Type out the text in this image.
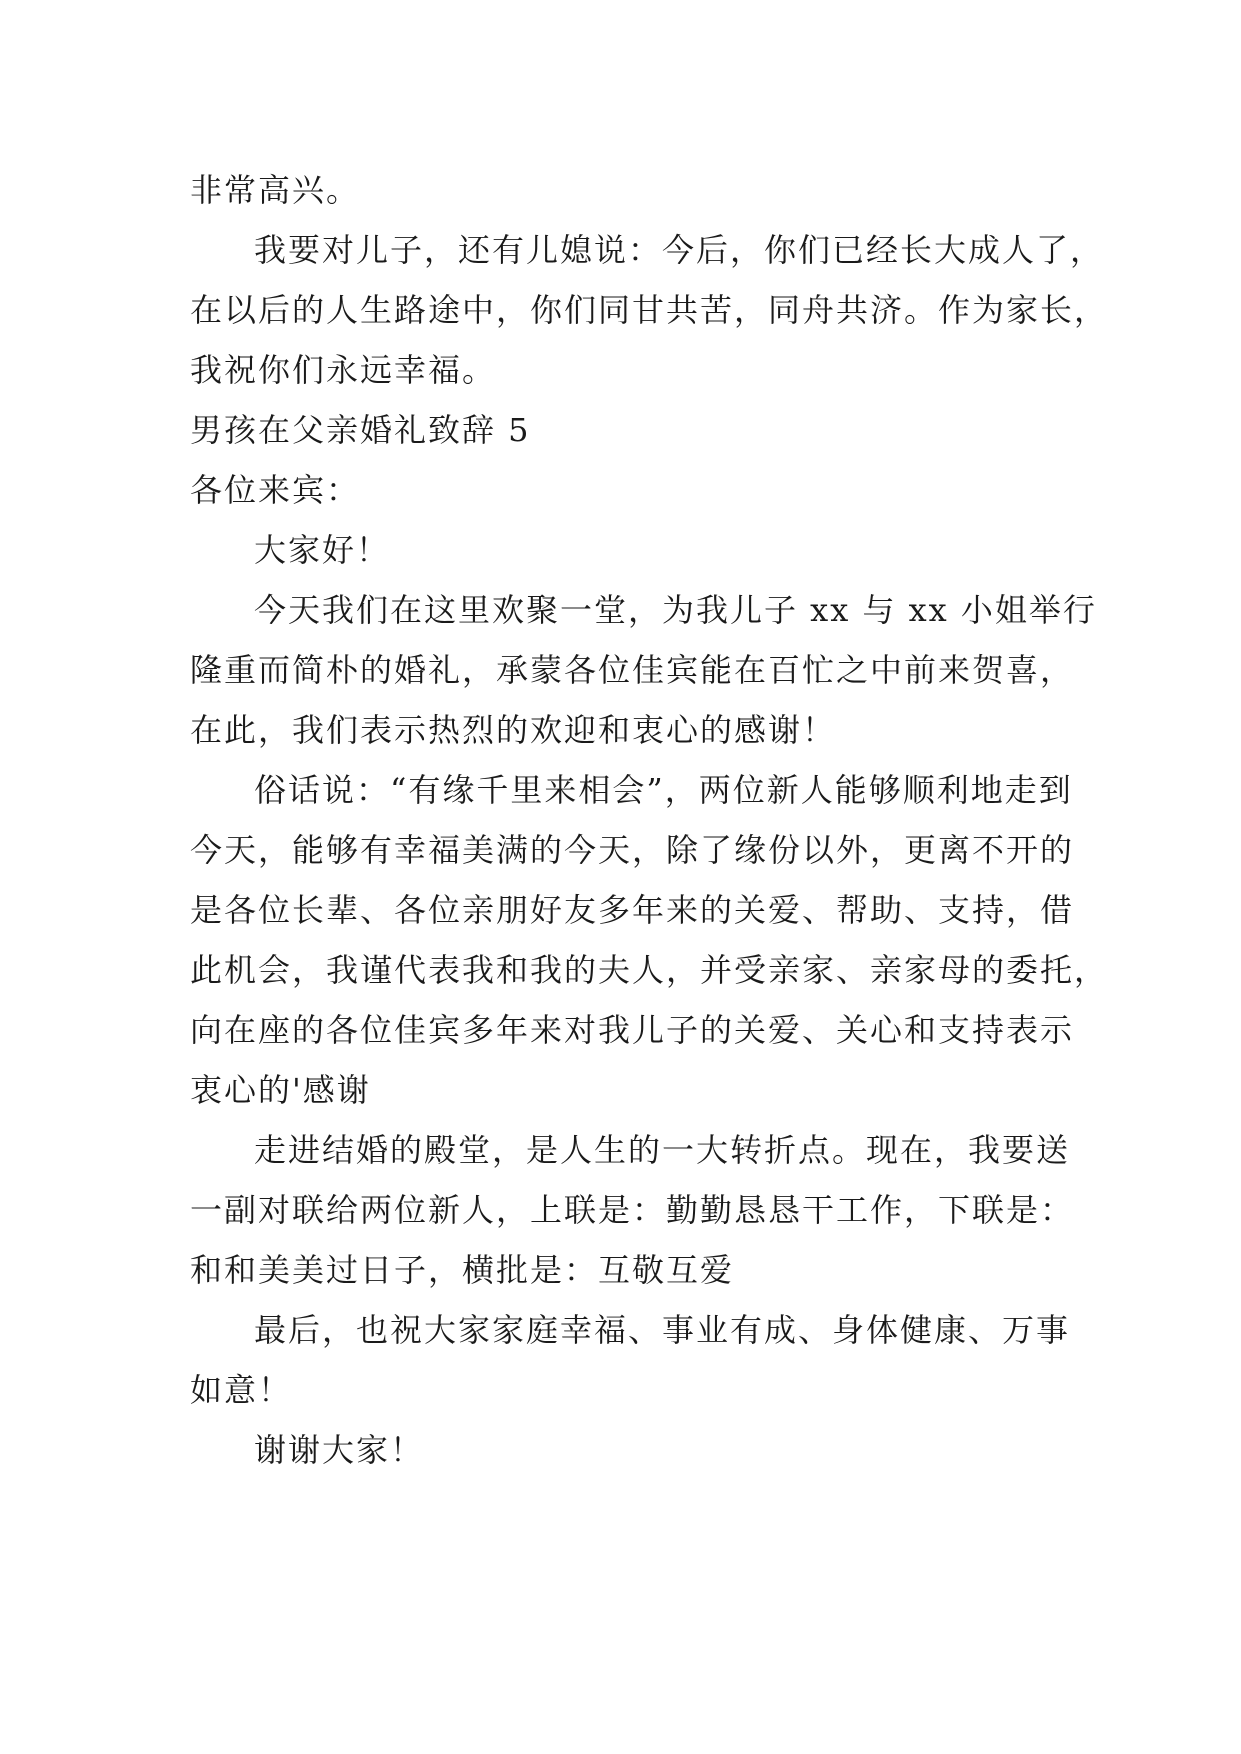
非常高兴。
我要对儿子，还有儿媳说：今后，你们已经长大成人了，
在以后的人生路途中，你们同甘共苦，同舟共济。作为家长，
我祝你们永远幸福。
男孩在父亲婚礼致辞 5
各位来宾：
大家好！
今天我们在这里欢聚一堂，为我儿子 xx 与 xx 小姐举行
隆重而简朴的婚礼，承蒙各位佳宾能在百忙之中前来贺喜，
在此，我们表示热烈的欢迎和衷心的感谢！
俗话说：“有缘千里来相会”，两位新人能够顺利地走到
今天，能够有幸福美满的今天，除了缘份以外，更离不开的
是各位长辈、各位亲朋好友多年来的关爱、帮助、支持，借
此机会，我谨代表我和我的夫人，并受亲家、亲家母的委托，
向在座的各位佳宾多年来对我儿子的关爱、关心和支持表示
衷心的'感谢
走进结婚的殿堂，是人生的一大转折点。现在，我要送
一副对联给两位新人，上联是：勤勤恳恳干工作，下联是：
和和美美过日子，横批是：互敬互爱
最后，也祝大家家庭幸福、事业有成、身体健康、万事
如意！
谢谢大家！
